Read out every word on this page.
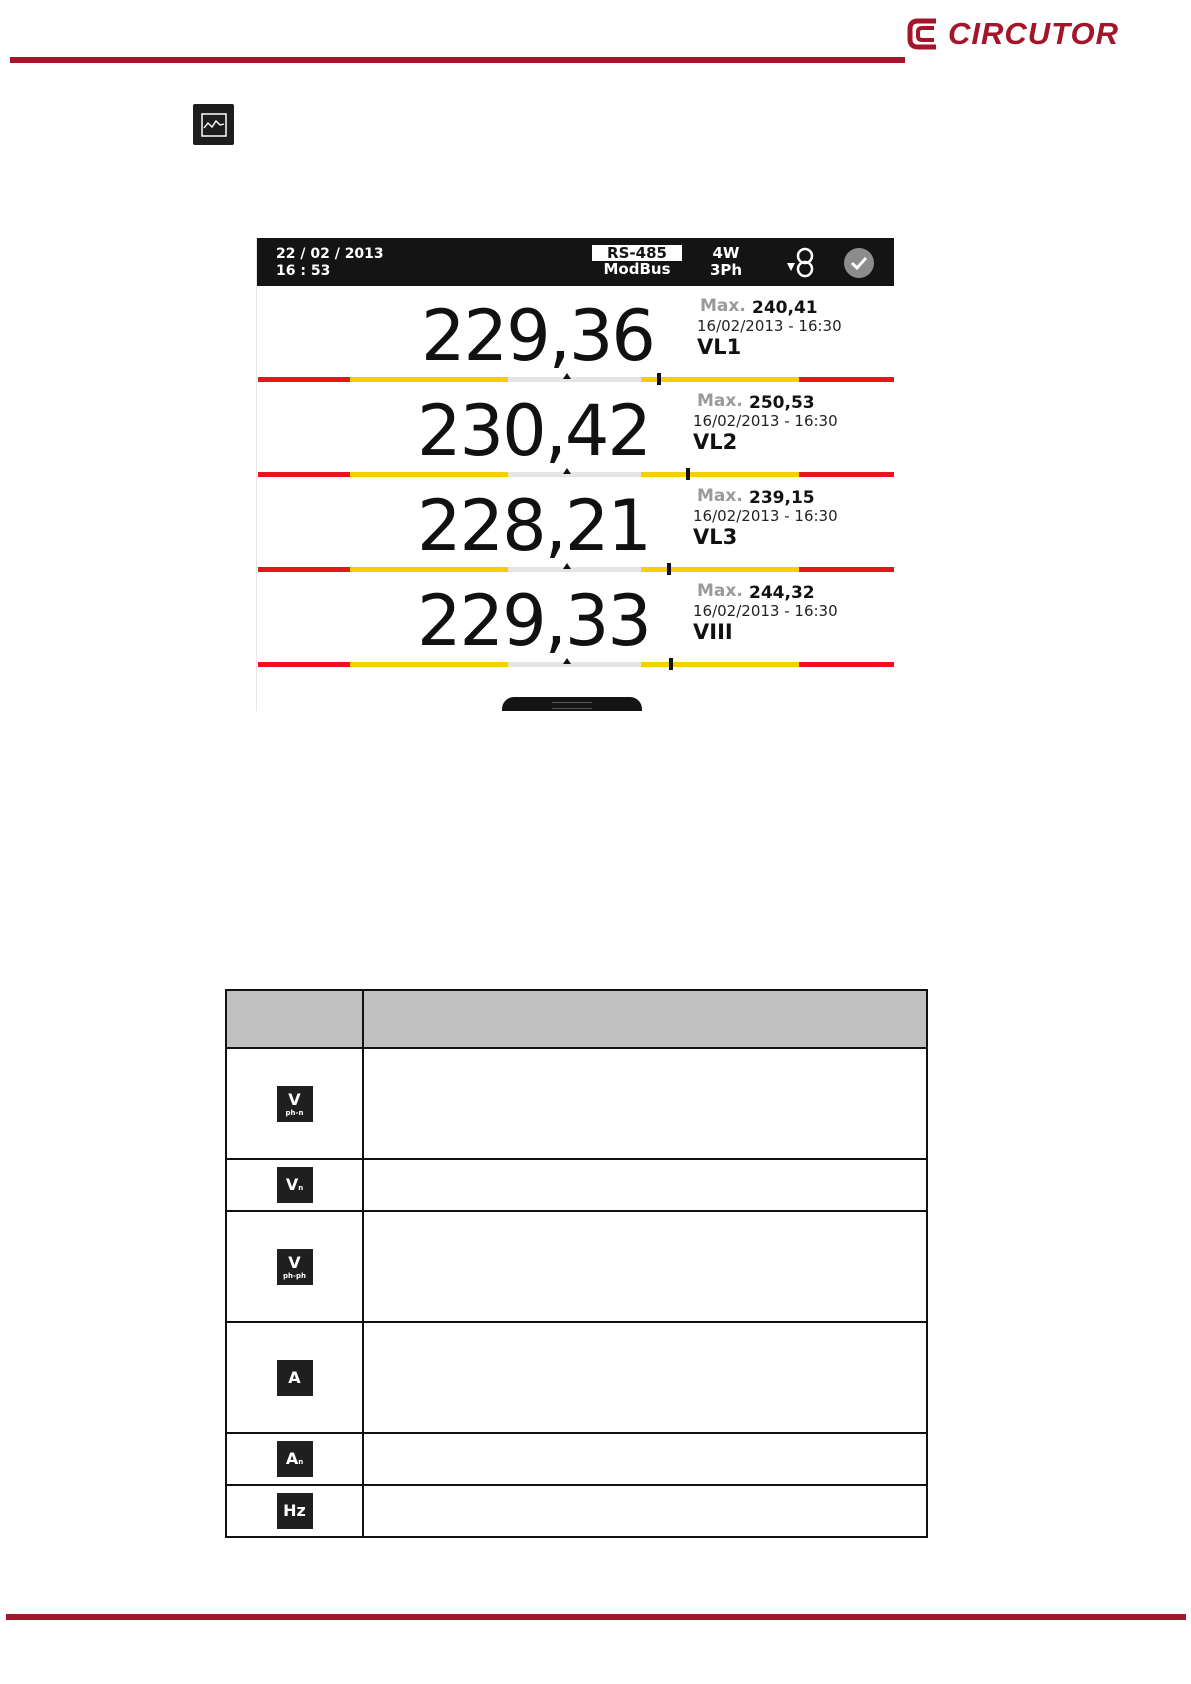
CIRCUTOR
22 / 02 / 2013
16 : 53
RS-485
ModBus
4W
3Ph
229,36	Max. 240,41
16/02/2013 - 16:30
VL1
230,42	Max. 250,53
16/02/2013 - 16:30
VL2
228,21	Max. 239,15
16/02/2013 - 16:30
VL3
229,33	Max. 244,32
16/02/2013 - 16:30
VIII

V
ph-n	

Vn	

V
ph-ph	

A	
An	
Hz	
